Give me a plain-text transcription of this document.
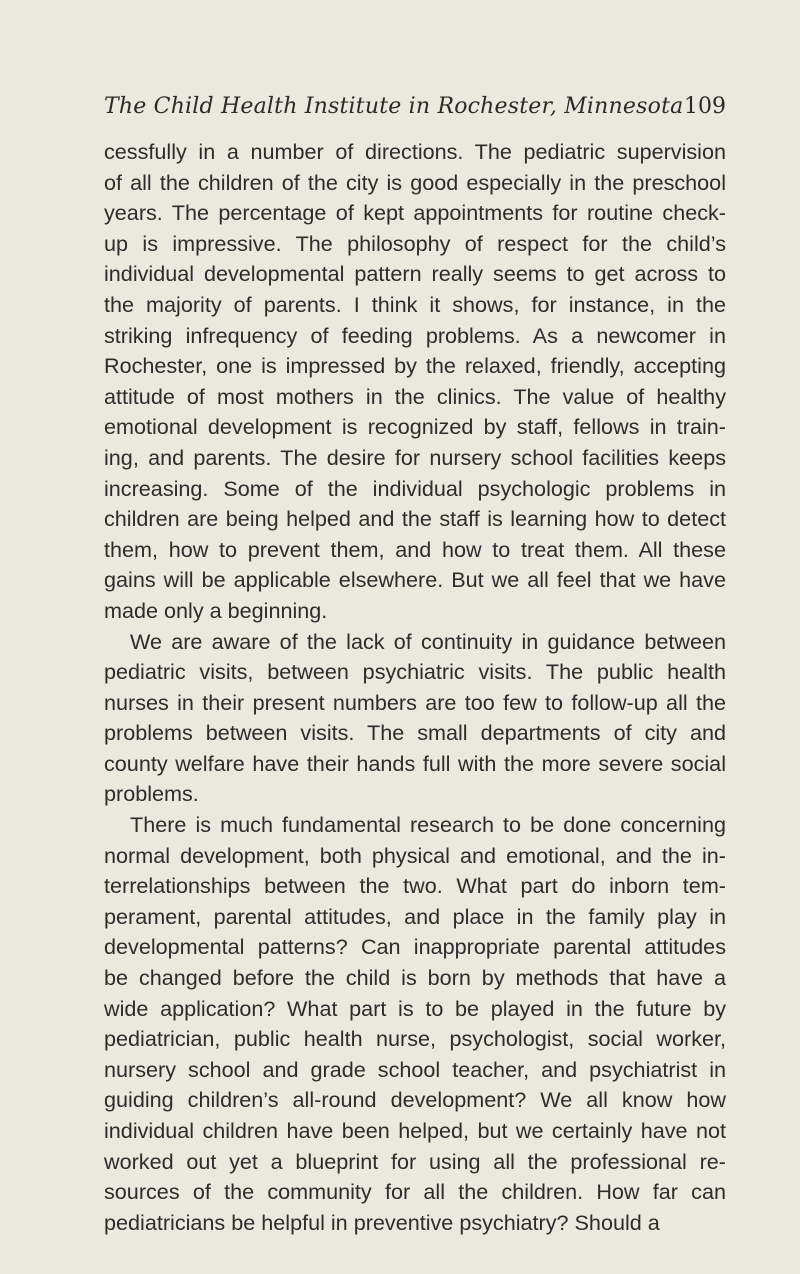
The Child Health Institute in Rochester, Minnesota 109
cessfully in a number of directions. The pediatric supervision
of all the children of the city is good especially in the preschool
years. The percentage of kept appointments for routine check-
up is impressive. The philosophy of respect for the child’s
individual developmental pattern really seems to get across to
the majority of parents. I think it shows, for instance, in the
striking infrequency of feeding problems. As a newcomer in
Rochester, one is impressed by the relaxed, friendly, accepting
attitude of most mothers in the clinics. The value of healthy
emotional development is recognized by staff, fellows in train-
ing, and parents. The desire for nursery school facilities keeps
increasing. Some of the individual psychologic problems in
children are being helped and the staff is learning how to detect
them, how to prevent them, and how to treat them. All these
gains will be applicable elsewhere. But we all feel that we have
made only a beginning.
We are aware of the lack of continuity in guidance between
pediatric visits, between psychiatric visits. The public health
nurses in their present numbers are too few to follow-up all the
problems between visits. The small departments of city and
county welfare have their hands full with the more severe social
problems.
There is much fundamental research to be done concerning
normal development, both physical and emotional, and the in-
terrelationships between the two. What part do inborn tem-
perament, parental attitudes, and place in the family play in
developmental patterns? Can inappropriate parental attitudes
be changed before the child is born by methods that have a
wide application? What part is to be played in the future by
pediatrician, public health nurse, psychologist, social worker,
nursery school and grade school teacher, and psychiatrist in
guiding children’s all-round development? We all know how
individual children have been helped, but we certainly have not
worked out yet a blueprint for using all the professional re-
sources of the community for all the children. How far can
pediatricians be helpful in preventive psychiatry? Should a
